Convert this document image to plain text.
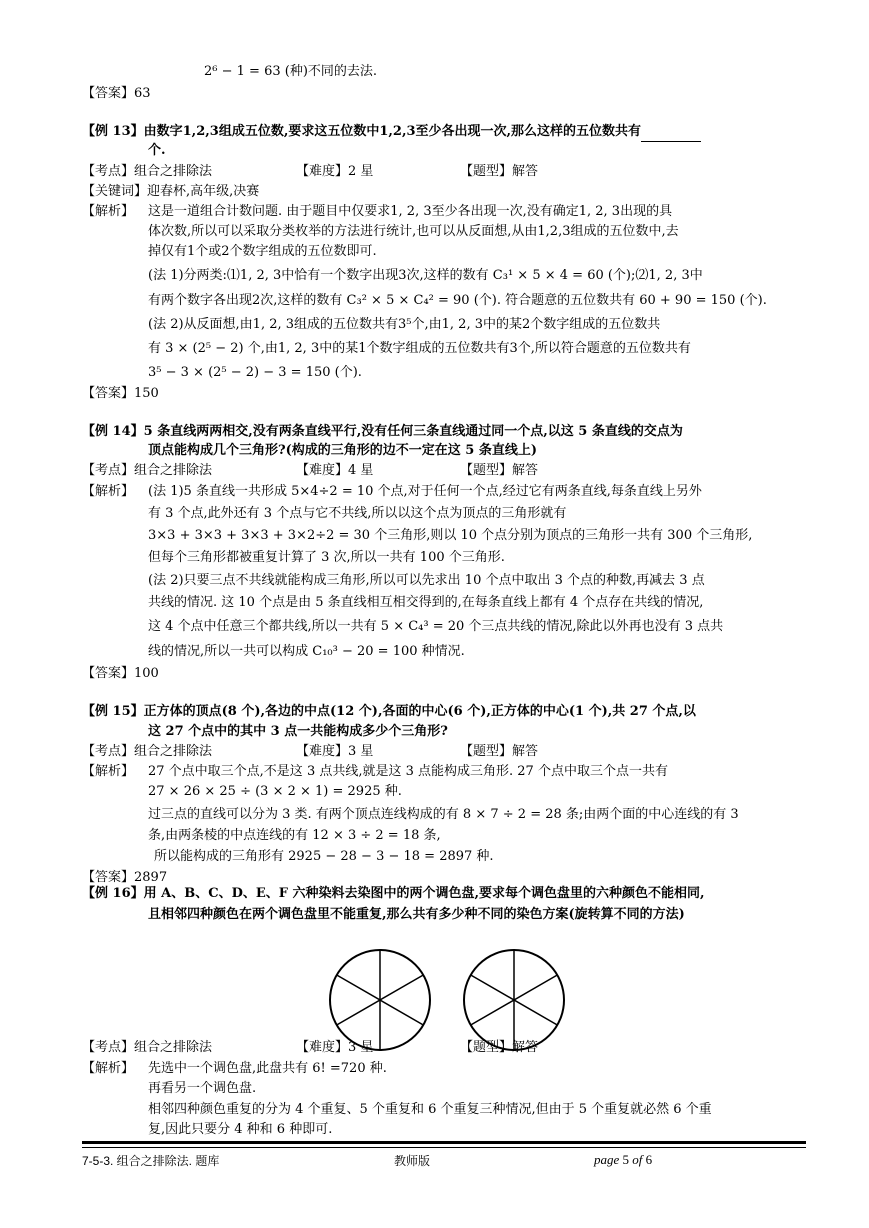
2⁶ − 1 = 63 (种)不同的去法.
【答案】63
【例 13】由数字1,2,3组成五位数,要求这五位数中1,2,3至少各出现一次,那么这样的五位数共有
个.
【考点】组合之排除法	【难度】2 星	【题型】解答
【关键词】迎春杯,高年级,决赛
【解析】 这是一道组合计数问题. 由于题目中仅要求1, 2, 3至少各出现一次,没有确定1, 2, 3出现的具
体次数,所以可以采取分类枚举的方法进行统计,也可以从反面想,从由1,2,3组成的五位数中,去
掉仅有1个或2个数字组成的五位数即可.
(法 1)分两类:⑴1, 2, 3中恰有一个数字出现3次,这样的数有 C₃¹ × 5 × 4 = 60 (个);⑵1, 2, 3中
有两个数字各出现2次,这样的数有 C₃² × 5 × C₄² = 90 (个). 符合题意的五位数共有 60 + 90 = 150 (个).
(法 2)从反面想,由1, 2, 3组成的五位数共有3⁵个,由1, 2, 3中的某2个数字组成的五位数共
有 3 × (2⁵ − 2) 个,由1, 2, 3中的某1个数字组成的五位数共有3个,所以符合题意的五位数共有
3⁵ − 3 × (2⁵ − 2) − 3 = 150 (个).
【答案】150
【例 14】5 条直线两两相交,没有两条直线平行,没有任何三条直线通过同一个点,以这 5 条直线的交点为
顶点能构成几个三角形?(构成的三角形的边不一定在这 5 条直线上)
【考点】组合之排除法	【难度】4 星	【题型】解答
【解析】 (法 1)5 条直线一共形成 5×4÷2 = 10 个点,对于任何一个点,经过它有两条直线,每条直线上另外
有 3 个点,此外还有 3 个点与它不共线,所以以这个点为顶点的三角形就有
3×3 + 3×3 + 3×3 + 3×2÷2 = 30 个三角形,则以 10 个点分别为顶点的三角形一共有 300 个三角形,
但每个三角形都被重复计算了 3 次,所以一共有 100 个三角形.
(法 2)只要三点不共线就能构成三角形,所以可以先求出 10 个点中取出 3 个点的种数,再减去 3 点
共线的情况. 这 10 个点是由 5 条直线相互相交得到的,在每条直线上都有 4 个点存在共线的情况,
这 4 个点中任意三个都共线,所以一共有 5 × C₄³ = 20 个三点共线的情况,除此以外再也没有 3 点共
线的情况,所以一共可以构成 C₁₀³ − 20 = 100 种情况.
【答案】100
【例 15】正方体的顶点(8 个),各边的中点(12 个),各面的中心(6 个),正方体的中心(1 个),共 27 个点,以
这 27 个点中的其中 3 点一共能构成多少个三角形?
【考点】组合之排除法	【难度】3 星	【题型】解答
【解析】 27 个点中取三个点,不是这 3 点共线,就是这 3 点能构成三角形. 27 个点中取三个点一共有
27 × 26 × 25 ÷ (3 × 2 × 1) = 2925 种.
过三点的直线可以分为 3 类. 有两个顶点连线构成的有 8 × 7 ÷ 2 = 28 条;由两个面的中心连线的有 3
条,由两条棱的中点连线的有 12 × 3 ÷ 2 = 18 条,
所以能构成的三角形有 2925 − 28 − 3 − 18 = 2897 种.
【答案】2897
【例 16】用 A、B、C、D、E、F 六种染料去染图中的两个调色盘,要求每个调色盘里的六种颜色不能相同,
且相邻四种颜色在两个调色盘里不能重复,那么共有多少种不同的染色方案(旋转算不同的方法)
【考点】组合之排除法	【难度】3 星	【题型】解答
【解析】 先选中一个调色盘,此盘共有 6! =720 种.
再看另一个调色盘.
相邻四种颜色重复的分为 4 个重复、5 个重复和 6 个重复三种情况,但由于 5 个重复就必然 6 个重
复,因此只要分 4 种和 6 种即可.
7-5-3. 组合之排除法. 题库	教师版	page 5 of 6
